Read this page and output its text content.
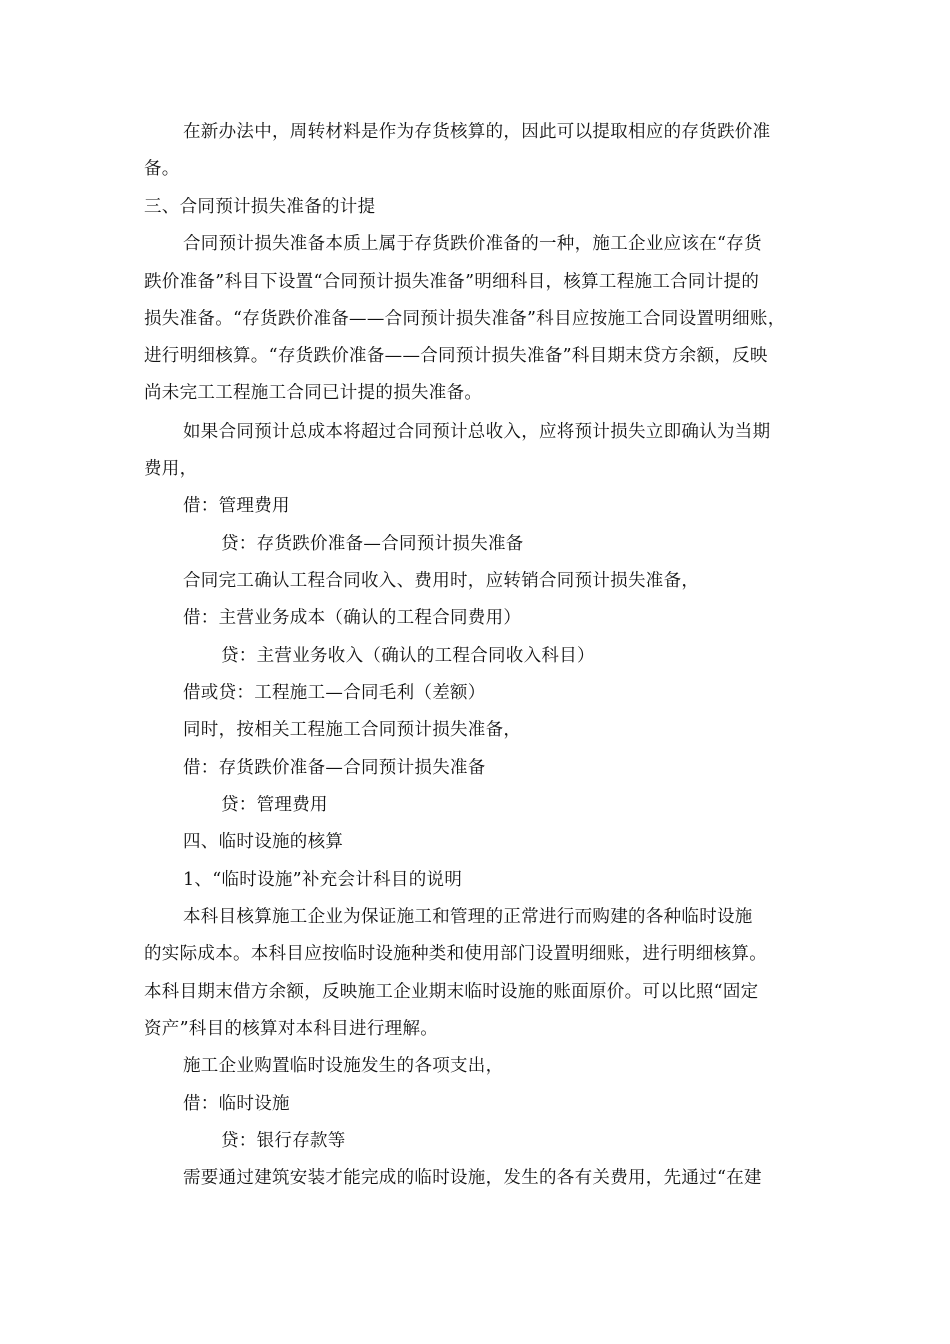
在新办法中，周转材料是作为存货核算的，因此可以提取相应的存货跌价准
备。
三、合同预计损失准备的计提
合同预计损失准备本质上属于存货跌价准备的一种，施工企业应该在“存货
跌价准备”科目下设置“合同预计损失准备”明细科目，核算工程施工合同计提的
损失准备。“存货跌价准备——合同预计损失准备”科目应按施工合同设置明细账，
进行明细核算。“存货跌价准备——合同预计损失准备”科目期末贷方余额，反映
尚未完工工程施工合同已计提的损失准备。
如果合同预计总成本将超过合同预计总收入，应将预计损失立即确认为当期
费用，
借：管理费用
贷：存货跌价准备—合同预计损失准备
合同完工确认工程合同收入、费用时，应转销合同预计损失准备，
借：主营业务成本（确认的工程合同费用）
贷：主营业务收入（确认的工程合同收入科目）
借或贷：工程施工—合同毛利（差额）
同时，按相关工程施工合同预计损失准备，
借：存货跌价准备—合同预计损失准备
贷：管理费用
四、临时设施的核算
1、“临时设施”补充会计科目的说明
本科目核算施工企业为保证施工和管理的正常进行而购建的各种临时设施
的实际成本。本科目应按临时设施种类和使用部门设置明细账，进行明细核算。
本科目期末借方余额，反映施工企业期末临时设施的账面原价。可以比照“固定
资产”科目的核算对本科目进行理解。
施工企业购置临时设施发生的各项支出，
借：临时设施
贷：银行存款等
需要通过建筑安装才能完成的临时设施，发生的各有关费用，先通过“在建
